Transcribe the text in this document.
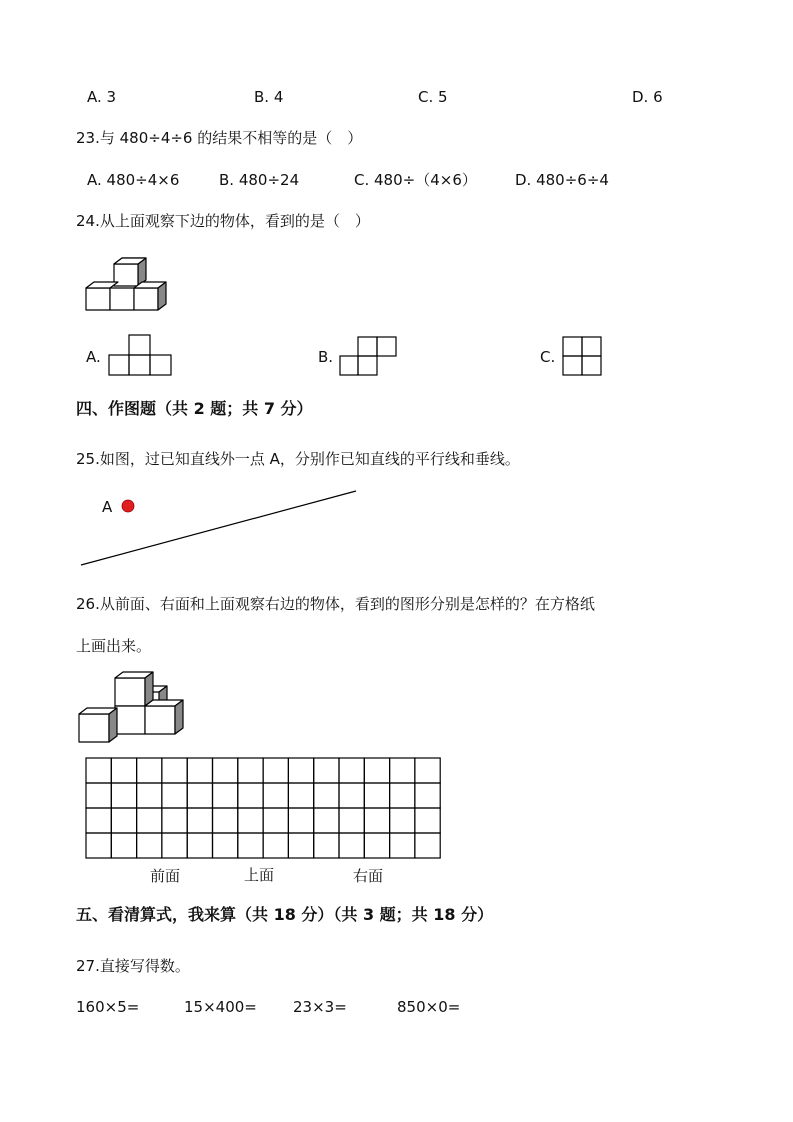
A. 3	B. 4	C. 5	D. 6
23.与 480÷4÷6 的结果不相等的是（　）
A. 480÷4×6	B. 480÷24	C. 480÷（4×6）	D. 480÷6÷4
24.从上面观察下边的物体，看到的是（　）
A.	B.	C.
四、作图题（共 2 题；共 7 分）
25.如图，过已知直线外一点 A，分别作已知直线的平行线和垂线。
A
26.从前面、右面和上面观察右边的物体，看到的图形分别是怎样的？在方格纸
上画出来。
前面	上面	右面
五、看清算式，我来算（共 18 分）（共 3 题；共 18 分）
27.直接写得数。
160×5=	15×400= 23×3=	850×0=
